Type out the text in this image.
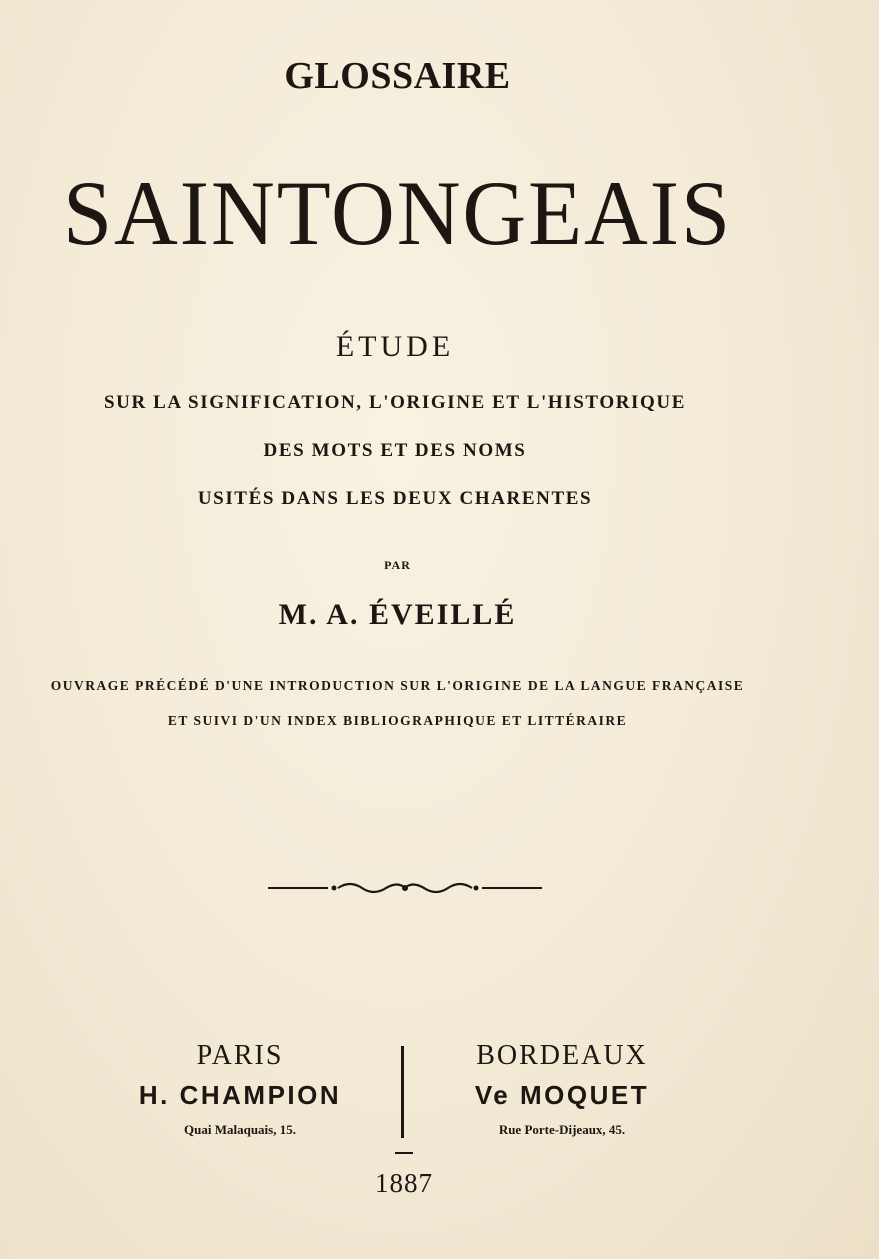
GLOSSAIRE
SAINTONGEAIS
ÉTUDE
SUR LA SIGNIFICATION, L'ORIGINE ET L'HISTORIQUE
DES MOTS ET DES NOMS
USITÉS DANS LES DEUX CHARENTES
PAR
M. A. ÉVEILLÉ
OUVRAGE PRÉCÉDÉ D'UNE INTRODUCTION SUR L'ORIGINE DE LA LANGUE FRANÇAISE
ET SUIVI D'UN INDEX BIBLIOGRAPHIQUE ET LITTÉRAIRE
PARIS
H. CHAMPION
Quai Malaquais, 15.
BORDEAUX
Ve MOQUET
Rue Porte-Dijeaux, 45.
1887
